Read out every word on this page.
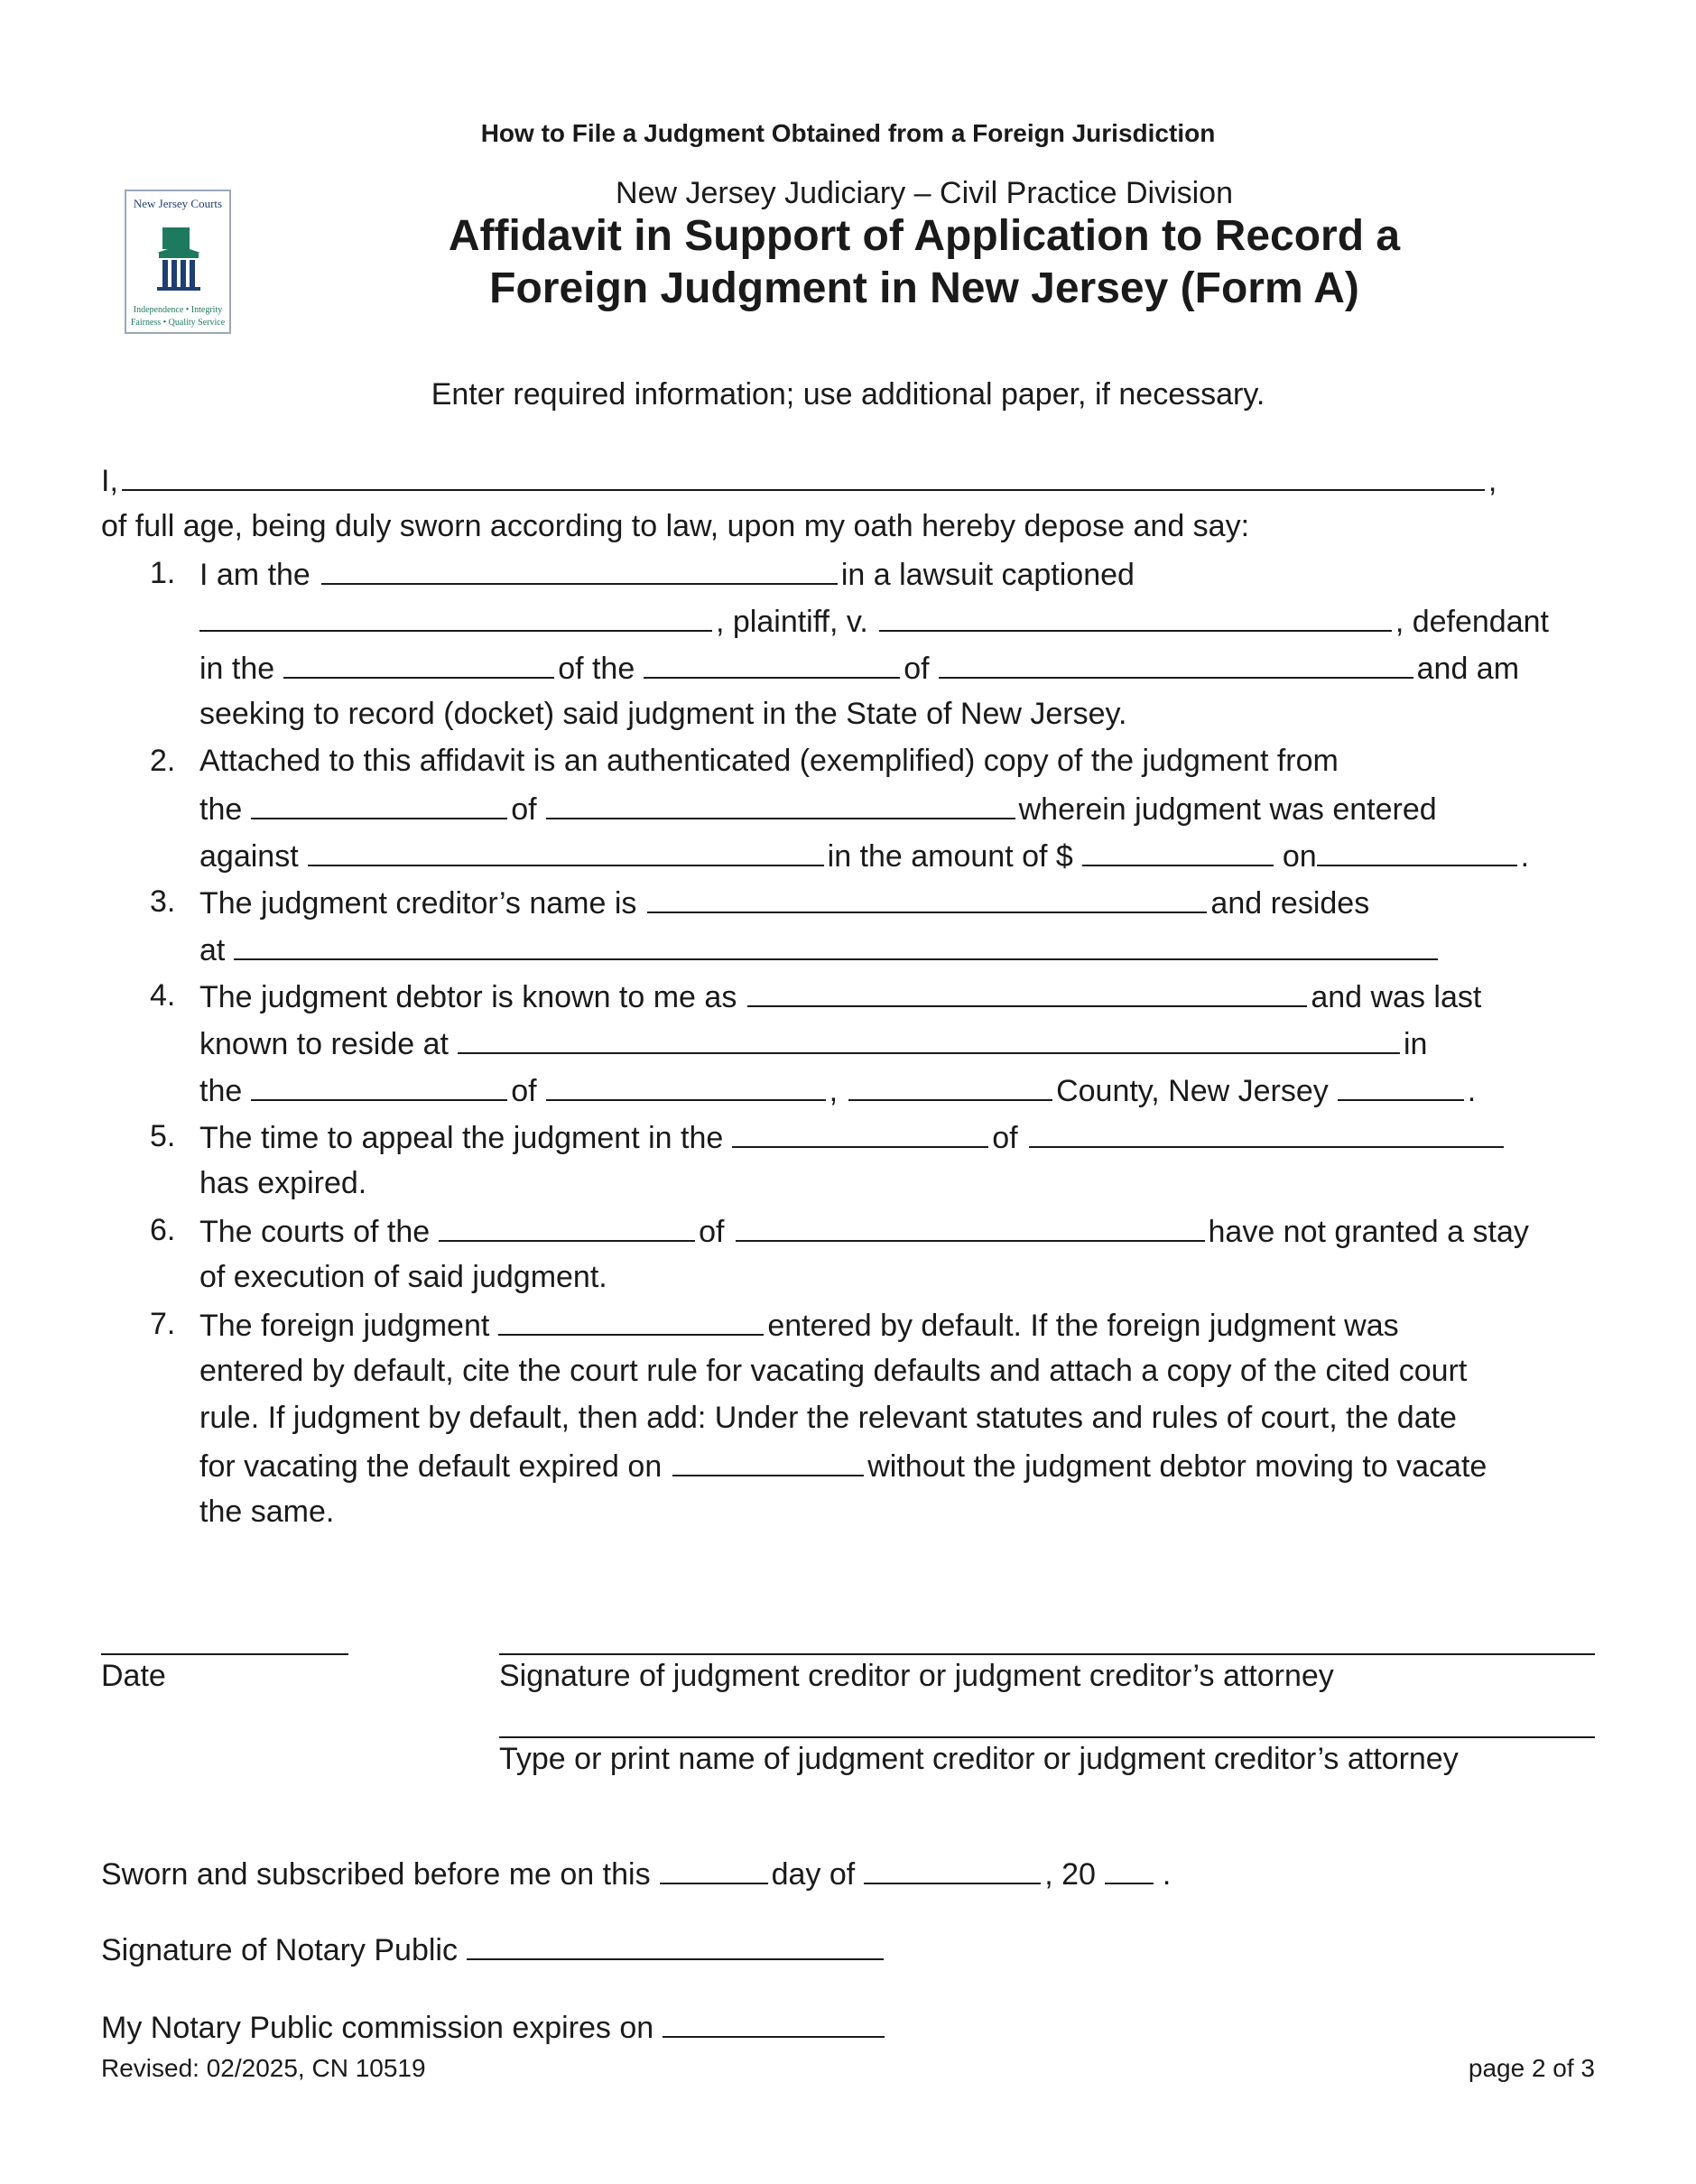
How to File a Judgment Obtained from a Foreign Jurisdiction
New Jersey Courts
Independence • Integrity
Fairness • Quality Service
New Jersey Judiciary – Civil Practice Division
Affidavit in Support of Application to Record a
Foreign Judgment in New Jersey (Form A)
Enter required information; use additional paper, if necessary.
I,	,
of full age, being duly sworn according to law, upon my oath hereby depose and say:
1. I am the	in a lawsuit captioned
, plaintiff, v.	, defendant
in the	of the	of	and am
seeking to record (docket) said judgment in the State of New Jersey.
2. Attached to this affidavit is an authenticated (exemplified) copy of the judgment from
the	of	wherein judgment was entered
against	in the amount of $	on	.
3. The judgment creditor’s name is	and resides
at
4. The judgment debtor is known to me as	and was last
known to reside at	in
the	of	,	County, New Jersey	.
5. The time to appeal the judgment in the	of
has expired.
6. The courts of the	of	have not granted a stay
of execution of said judgment.
7. The foreign judgment	entered by default. If the foreign judgment was
entered by default, cite the court rule for vacating defaults and attach a copy of the cited court
rule. If judgment by default, then add: Under the relevant statutes and rules of court, the date
for vacating the default expired on	without the judgment debtor moving to vacate
the same.
Date	Signature of judgment creditor or judgment creditor’s attorney
Type or print name of judgment creditor or judgment creditor’s attorney
Sworn and subscribed before me on this	day of	, 20 .
Signature of Notary Public
My Notary Public commission expires on
Revised: 02/2025, CN 10519	page 2 of 3
